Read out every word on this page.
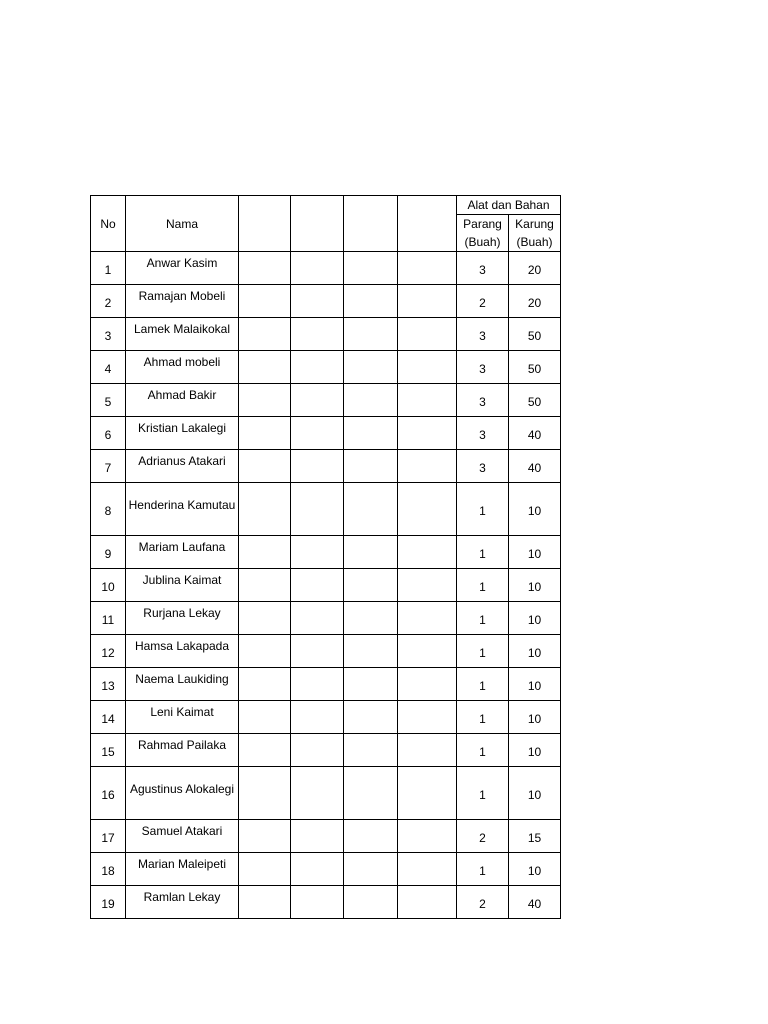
No	Nama					Alat dan Bahan	
						Parang (Buah)	Karung (Buah)

1	Anwar Kasim					3	20

2	Ramajan Mobeli					2	20

3	Lamek Malaikokal					3	50

4	Ahmad mobeli					3	50

5	Ahmad Bakir					3	50

6	Kristian Lakalegi					3	40

7	Adrianus Atakari					3	40

8	Henderina Kamutau					1	10

9	Mariam Laufana					1	10

10	Jublina Kaimat					1	10

11	Rurjana Lekay					1	10

12	Hamsa Lakapada					1	10

13	Naema Laukiding					1	10

14	Leni Kaimat					1	10

15	Rahmad Pailaka					1	10

16	Agustinus Alokalegi					1	10

17	Samuel Atakari					2	15

18	Marian Maleipeti					1	10

19	Ramlan Lekay					2	40
